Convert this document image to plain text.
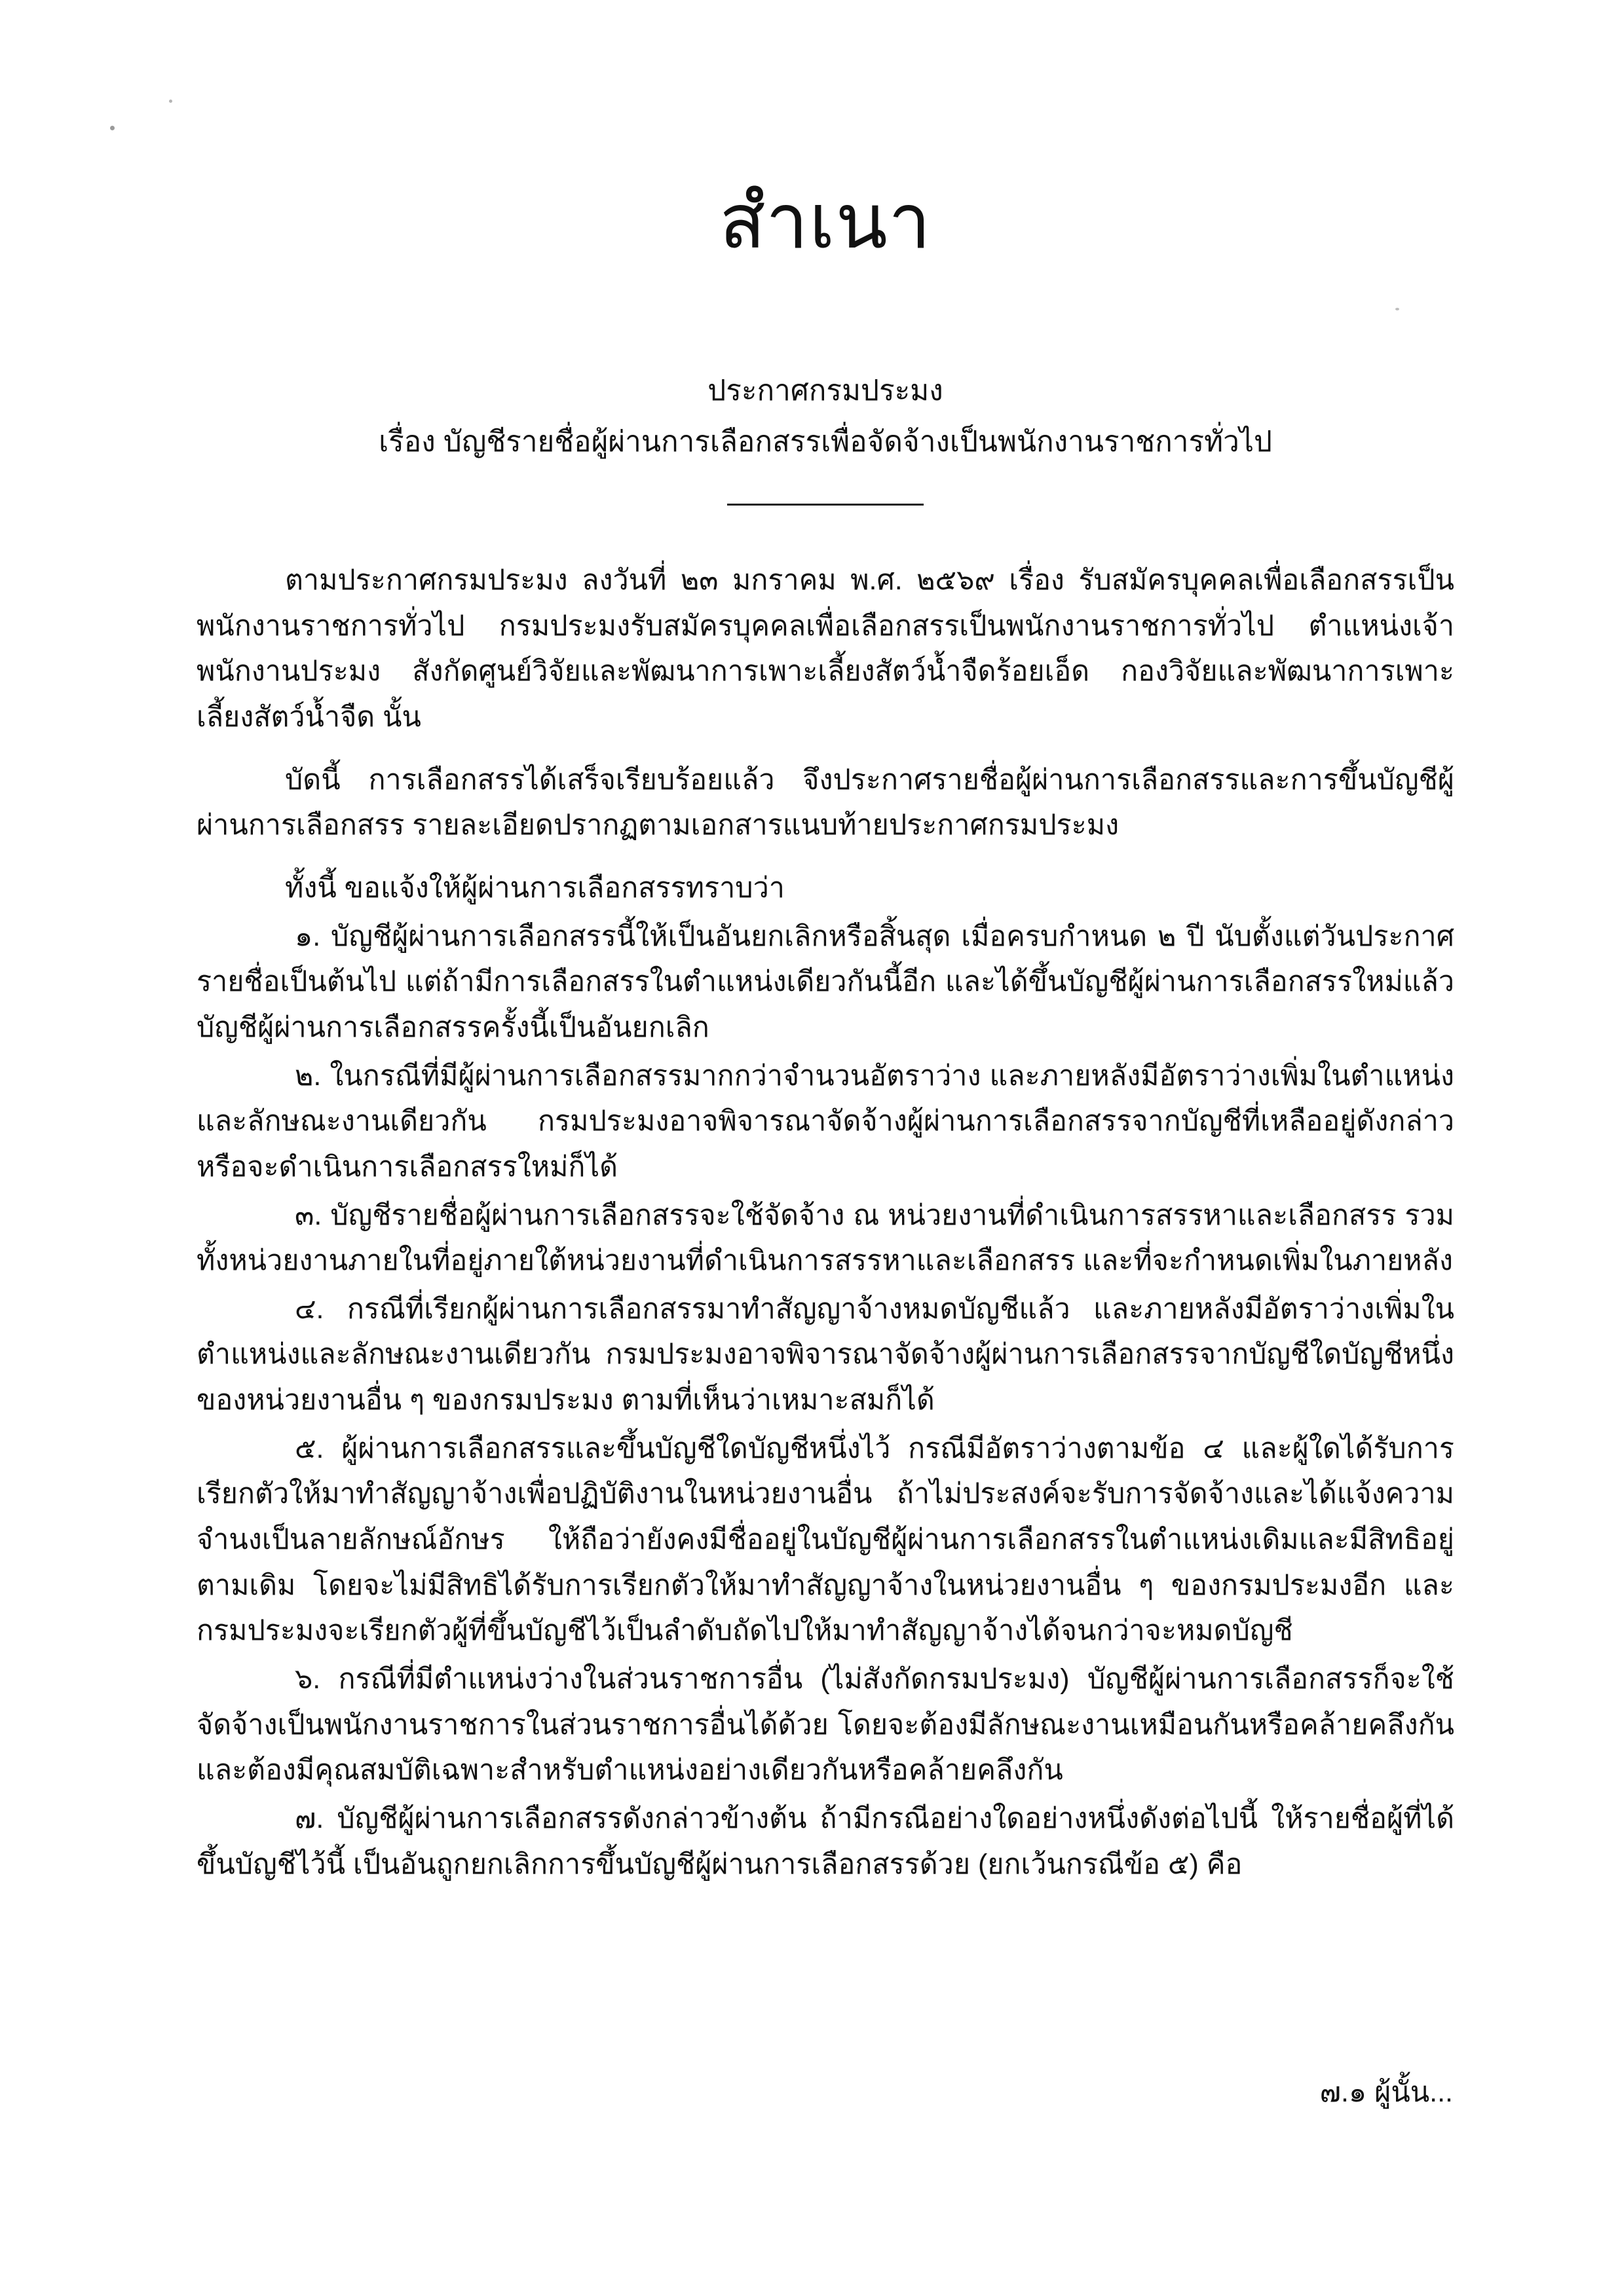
สำเนา
ประกาศกรมประมง
เรื่อง บัญชีรายชื่อผู้ผ่านการเลือกสรรเพื่อจัดจ้างเป็นพนักงานราชการทั่วไป

ตามประกาศกรมประมง ลงวันที่ ๒๓ มกราคม พ.ศ. ๒๕๖๙ เรื่อง รับสมัครบุคคลเพื่อเลือกสรรเป็นพนักงานราชการทั่วไป กรมประมงรับสมัครบุคคลเพื่อเลือกสรรเป็นพนักงานราชการทั่วไป ตำแหน่งเจ้าพนักงานประมง สังกัดศูนย์วิจัยและพัฒนาการเพาะเลี้ยงสัตว์น้ำจืดร้อยเอ็ด กองวิจัยและพัฒนาการเพาะเลี้ยงสัตว์น้ำจืด นั้น

บัดนี้ การเลือกสรรได้เสร็จเรียบร้อยแล้ว จึงประกาศรายชื่อผู้ผ่านการเลือกสรรและการขึ้นบัญชีผู้ผ่านการเลือกสรร รายละเอียดปรากฏตามเอกสารแนบท้ายประกาศกรมประมง

ทั้งนี้ ขอแจ้งให้ผู้ผ่านการเลือกสรรทราบว่า

๑. บัญชีผู้ผ่านการเลือกสรรนี้ให้เป็นอันยกเลิกหรือสิ้นสุด เมื่อครบกำหนด ๒ ปี นับตั้งแต่วันประกาศรายชื่อเป็นต้นไป แต่ถ้ามีการเลือกสรรในตำแหน่งเดียวกันนี้อีก และได้ขึ้นบัญชีผู้ผ่านการเลือกสรรใหม่แล้ว บัญชีผู้ผ่านการเลือกสรรครั้งนี้เป็นอันยกเลิก

๒. ในกรณีที่มีผู้ผ่านการเลือกสรรมากกว่าจำนวนอัตราว่าง และภายหลังมีอัตราว่างเพิ่มในตำแหน่งและลักษณะงานเดียวกัน กรมประมงอาจพิจารณาจัดจ้างผู้ผ่านการเลือกสรรจากบัญชีที่เหลืออยู่ดังกล่าวหรือจะดำเนินการเลือกสรรใหม่ก็ได้

๓. บัญชีรายชื่อผู้ผ่านการเลือกสรรจะใช้จัดจ้าง ณ หน่วยงานที่ดำเนินการสรรหาและเลือกสรร รวมทั้งหน่วยงานภายในที่อยู่ภายใต้หน่วยงานที่ดำเนินการสรรหาและเลือกสรร และที่จะกำหนดเพิ่มในภายหลัง

๔. กรณีที่เรียกผู้ผ่านการเลือกสรรมาทำสัญญาจ้างหมดบัญชีแล้ว และภายหลังมีอัตราว่างเพิ่มในตำแหน่งและลักษณะงานเดียวกัน กรมประมงอาจพิจารณาจัดจ้างผู้ผ่านการเลือกสรรจากบัญชีใดบัญชีหนึ่งของหน่วยงานอื่น ๆ ของกรมประมง ตามที่เห็นว่าเหมาะสมก็ได้

๕. ผู้ผ่านการเลือกสรรและขึ้นบัญชีใดบัญชีหนึ่งไว้ กรณีมีอัตราว่างตามข้อ ๔ และผู้ใดได้รับการเรียกตัวให้มาทำสัญญาจ้างเพื่อปฏิบัติงานในหน่วยงานอื่น ถ้าไม่ประสงค์จะรับการจัดจ้างและได้แจ้งความจำนงเป็นลายลักษณ์อักษร ให้ถือว่ายังคงมีชื่ออยู่ในบัญชีผู้ผ่านการเลือกสรรในตำแหน่งเดิมและมีสิทธิอยู่ตามเดิม โดยจะไม่มีสิทธิได้รับการเรียกตัวให้มาทำสัญญาจ้างในหน่วยงานอื่น ๆ ของกรมประมงอีก และกรมประมงจะเรียกตัวผู้ที่ขึ้นบัญชีไว้เป็นลำดับถัดไปให้มาทำสัญญาจ้างได้จนกว่าจะหมดบัญชี

๖. กรณีที่มีตำแหน่งว่างในส่วนราชการอื่น (ไม่สังกัดกรมประมง) บัญชีผู้ผ่านการเลือกสรรก็จะใช้จัดจ้างเป็นพนักงานราชการในส่วนราชการอื่นได้ด้วย โดยจะต้องมีลักษณะงานเหมือนกันหรือคล้ายคลึงกันและต้องมีคุณสมบัติเฉพาะสำหรับตำแหน่งอย่างเดียวกันหรือคล้ายคลึงกัน

๗. บัญชีผู้ผ่านการเลือกสรรดังกล่าวข้างต้น ถ้ามีกรณีอย่างใดอย่างหนึ่งดังต่อไปนี้ ให้รายชื่อผู้ที่ได้ขึ้นบัญชีไว้นี้ เป็นอันถูกยกเลิกการขึ้นบัญชีผู้ผ่านการเลือกสรรด้วย (ยกเว้นกรณีข้อ ๕) คือ

๗.๑ ผู้นั้น...
